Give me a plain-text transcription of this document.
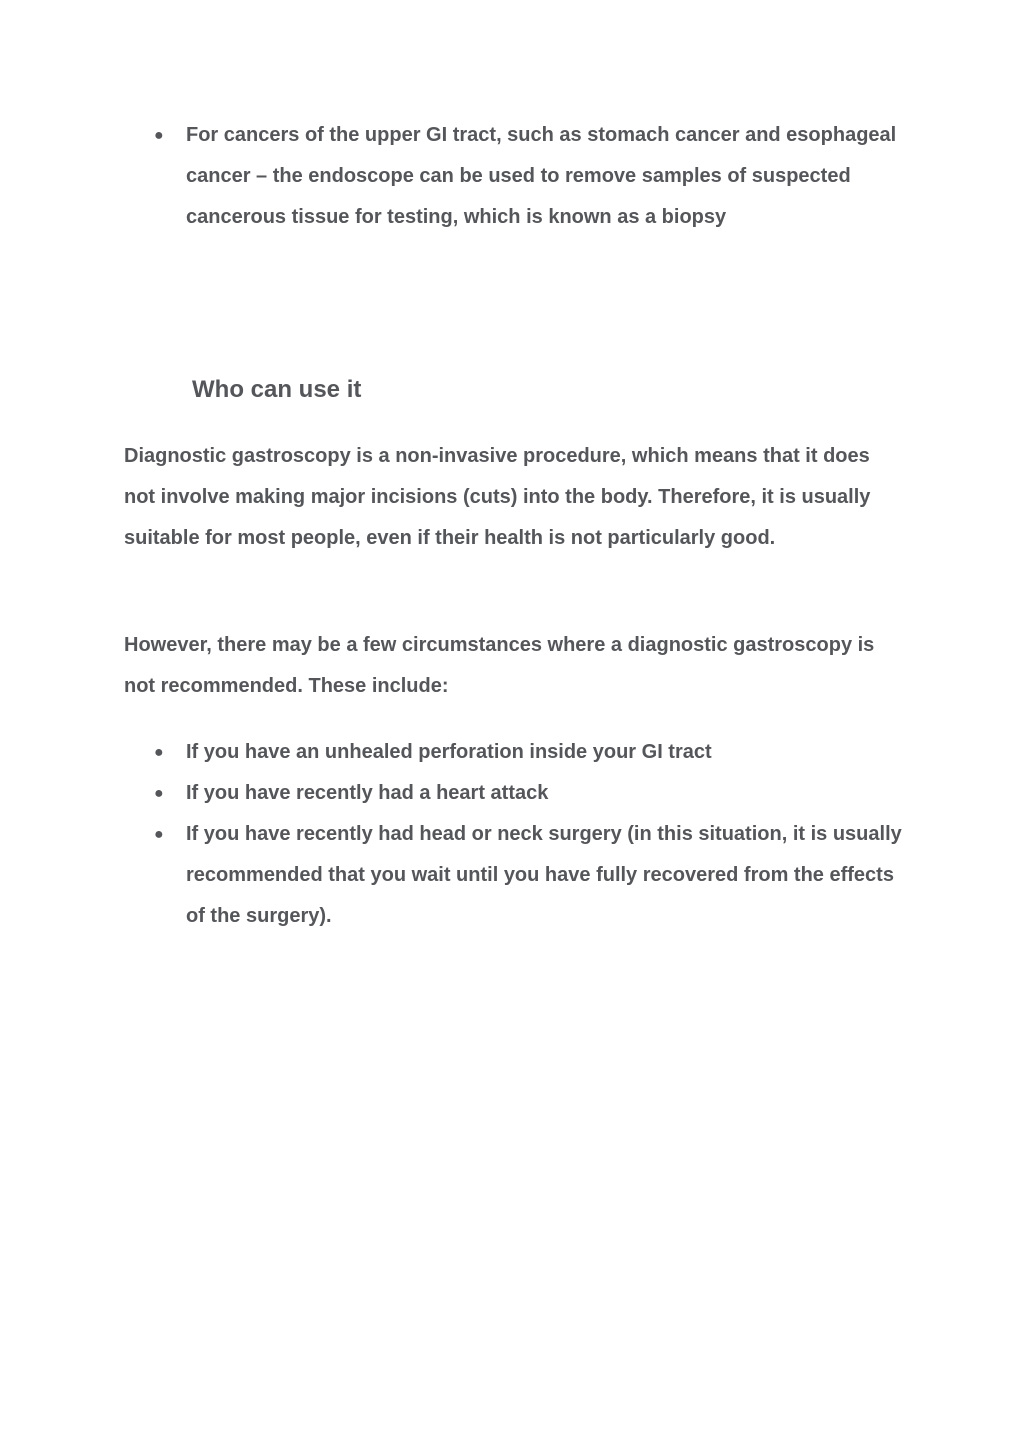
● For cancers of the upper GI tract, such as stomach cancer and esophageal cancer – the endoscope can be used to remove samples of suspected cancerous tissue for testing, which is known as a biopsy
Who can use it

Diagnostic gastroscopy is a non-invasive procedure, which means that it does not involve making major incisions (cuts) into the body. Therefore, it is usually suitable for most people, even if their health is not particularly good.

However, there may be a few circumstances where a diagnostic gastroscopy is not recommended. These include:

● If you have an unhealed perforation inside your GI tract
● If you have recently had a heart attack
● If you have recently had head or neck surgery (in this situation, it is usually recommended that you wait until you have fully recovered from the effects of the surgery).
